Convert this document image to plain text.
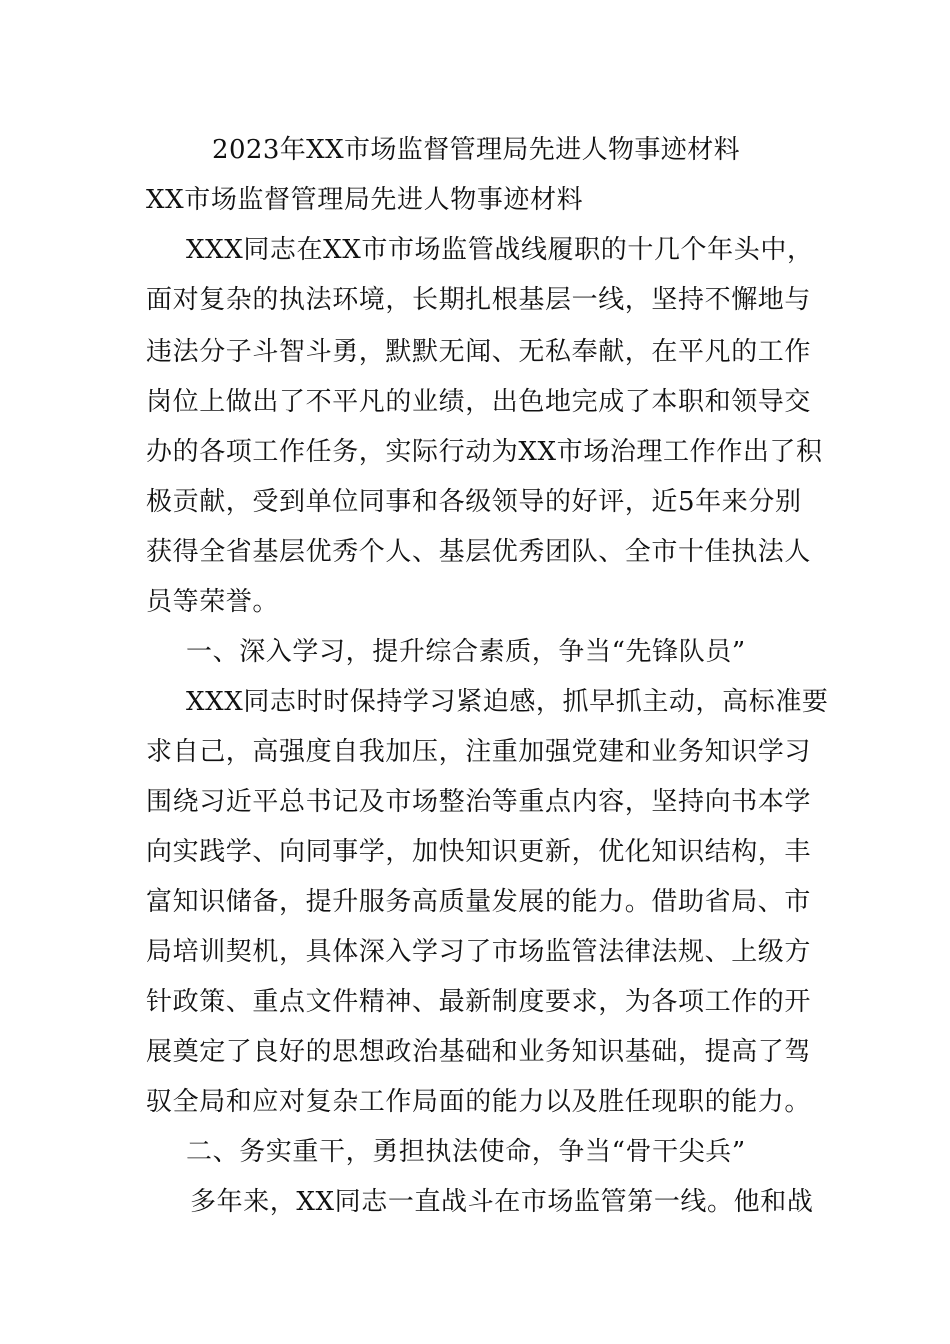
2023年XX市场监督管理局先进人物事迹材料
XX市场监督管理局先进人物事迹材料
XXX同志在XX市市场监管战线履职的十几个年头中，
面对复杂的执法环境，长期扎根基层一线，坚持不懈地与
违法分子斗智斗勇，默默无闻、无私奉献，在平凡的工作
岗位上做出了不平凡的业绩，出色地完成了本职和领导交
办的各项工作任务，实际行动为XX市场治理工作作出了积
极贡献，受到单位同事和各级领导的好评，近5年来分别
获得全省基层优秀个人、基层优秀团队、全市十佳执法人
员等荣誉。
一、深入学习，提升综合素质，争当“先锋队员”
XXX同志时时保持学习紧迫感，抓早抓主动，高标准要
求自己，高强度自我加压，注重加强党建和业务知识学习
围绕习近平总书记及市场整治等重点内容，坚持向书本学
向实践学、向同事学，加快知识更新，优化知识结构，丰
富知识储备，提升服务高质量发展的能力。借助省局、市
局培训契机，具体深入学习了市场监管法律法规、上级方
针政策、重点文件精神、最新制度要求，为各项工作的开
展奠定了良好的思想政治基础和业务知识基础，提高了驾
驭全局和应对复杂工作局面的能力以及胜任现职的能力。
二、务实重干，勇担执法使命，争当“骨干尖兵”
多年来，XX同志一直战斗在市场监管第一线。他和战
